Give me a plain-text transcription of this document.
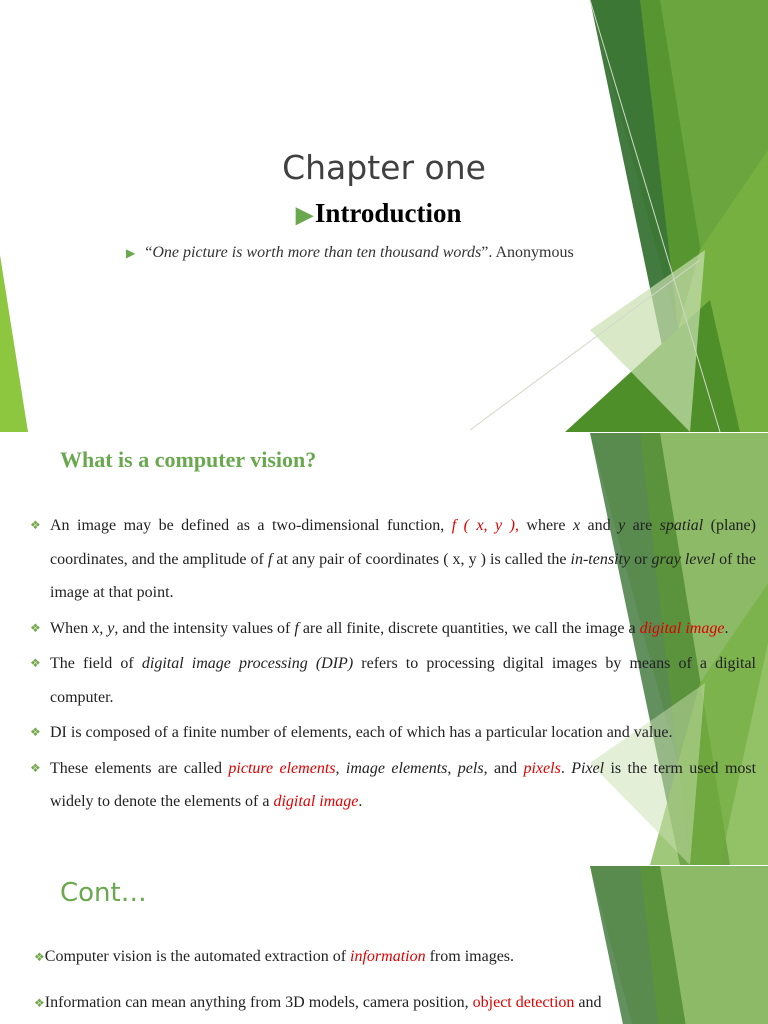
Chapter one
▶Introduction
▶ “One picture is worth more than ten thousand words”. Anonymous
What is a computer vision?
❖ An image may be defined as a two-dimensional function, f ( x, y ), where x and y are spatial (plane) coordinates, and the amplitude of f at any pair of coordinates ( x, y ) is called the in-tensity or gray level of the image at that point.
❖ When x, y, and the intensity values of f are all finite, discrete quantities, we call the image a digital image.
❖ The field of digital image processing (DIP) refers to processing digital images by means of a digital computer.
❖ DI is composed of a finite number of elements, each of which has a particular location and value.
❖ These elements are called picture elements, image elements, pels, and pixels. Pixel is the term used most widely to denote the elements of a digital image.
Cont…
❖Computer vision is the automated extraction of information from images.
❖Information can mean anything from 3D models, camera position, object detection and
